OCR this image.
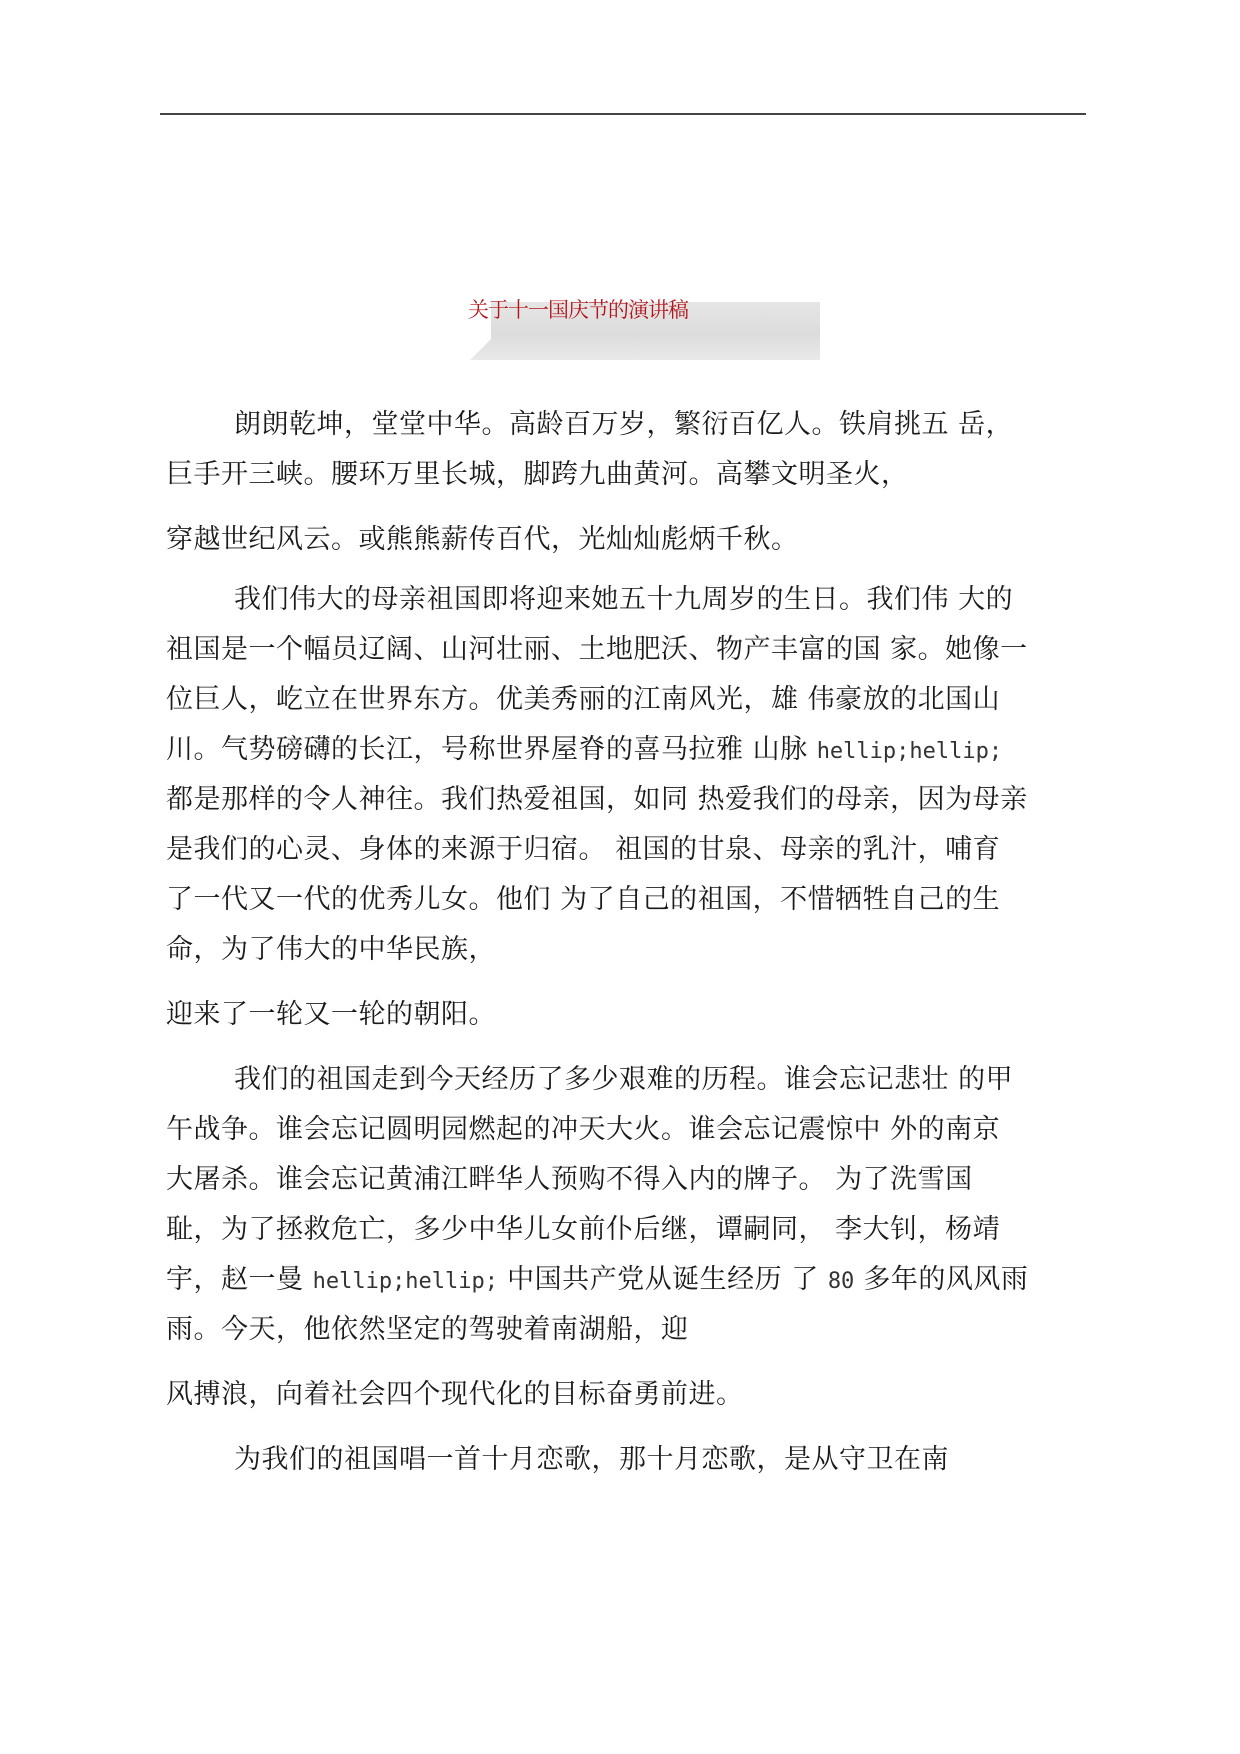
关于十一国庆节的演讲稿

朗朗乾坤，堂堂中华。高龄百万岁，繁衍百亿人。铁肩挑五 岳，

巨手开三峡。腰环万里长城，脚跨九曲黄河。高攀文明圣火，

穿越世纪风云。或熊熊薪传百代，光灿灿彪炳千秋。

我们伟大的母亲祖国即将迎来她五十九周岁的生日。我们伟 大的

祖国是一个幅员辽阔、山河壮丽、土地肥沃、物产丰富的国 家。她像一

位巨人，屹立在世界东方。优美秀丽的江南风光，雄 伟豪放的北国山

川。气势磅礴的长江，号称世界屋脊的喜马拉雅 山脉 hellip;hellip;

都是那样的令人神往。我们热爱祖国，如同 热爱我们的母亲，因为母亲

是我们的心灵、身体的来源于归宿。 祖国的甘泉、母亲的乳汁，哺育

了一代又一代的优秀儿女。他们 为了自己的祖国，不惜牺牲自己的生

命，为了伟大的中华民族，

迎来了一轮又一轮的朝阳。

我们的祖国走到今天经历了多少艰难的历程。谁会忘记悲壮 的甲

午战争。谁会忘记圆明园燃起的冲天大火。谁会忘记震惊中 外的南京

大屠杀。谁会忘记黄浦江畔华人预购不得入内的牌子。 为了洗雪国

耻，为了拯救危亡，多少中华儿女前仆后继，谭嗣同， 李大钊，杨靖

宇，赵一曼 hellip;hellip; 中国共产党从诞生经历 了 80 多年的风风雨

雨。今天，他依然坚定的驾驶着南湖船，迎

风搏浪，向着社会四个现代化的目标奋勇前进。

为我们的祖国唱一首十月恋歌，那十月恋歌，是从守卫在南
